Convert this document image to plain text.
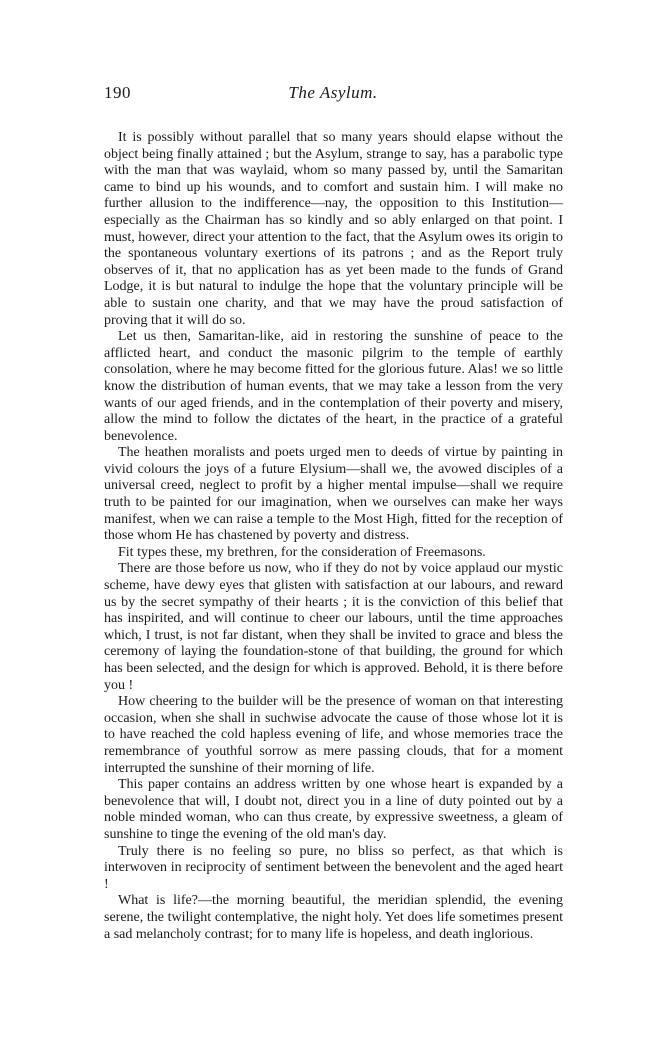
190	The Asylum.

It is possibly without parallel that so many years should elapse without the object being finally attained ; but the Asylum, strange to say, has a parabolic type with the man that was waylaid, whom so many passed by, until the Samaritan came to bind up his wounds, and to comfort and sustain him. I will make no further allusion to the indifference—nay, the opposition to this Institution—especially as the Chairman has so kindly and so ably enlarged on that point. I must, however, direct your attention to the fact, that the Asylum owes its origin to the spontaneous voluntary exertions of its patrons ; and as the Report truly observes of it, that no application has as yet been made to the funds of Grand Lodge, it is but natural to indulge the hope that the voluntary principle will be able to sustain one charity, and that we may have the proud satisfaction of proving that it will do so.

Let us then, Samaritan-like, aid in restoring the sunshine of peace to the afflicted heart, and conduct the masonic pilgrim to the temple of earthly consolation, where he may become fitted for the glorious future. Alas! we so little know the distribution of human events, that we may take a lesson from the very wants of our aged friends, and in the contemplation of their poverty and misery, allow the mind to follow the dictates of the heart, in the practice of a grateful benevolence.

The heathen moralists and poets urged men to deeds of virtue by painting in vivid colours the joys of a future Elysium—shall we, the avowed disciples of a universal creed, neglect to profit by a higher mental impulse—shall we require truth to be painted for our imagination, when we ourselves can make her ways manifest, when we can raise a temple to the Most High, fitted for the reception of those whom He has chastened by poverty and distress.

Fit types these, my brethren, for the consideration of Freemasons.

There are those before us now, who if they do not by voice applaud our mystic scheme, have dewy eyes that glisten with satisfaction at our labours, and reward us by the secret sympathy of their hearts ; it is the conviction of this belief that has inspirited, and will continue to cheer our labours, until the time approaches which, I trust, is not far distant, when they shall be invited to grace and bless the ceremony of laying the foundation-stone of that building, the ground for which has been selected, and the design for which is approved. Behold, it is there before you !

How cheering to the builder will be the presence of woman on that interesting occasion, when she shall in suchwise advocate the cause of those whose lot it is to have reached the cold hapless evening of life, and whose memories trace the remembrance of youthful sorrow as mere passing clouds, that for a moment interrupted the sunshine of their morning of life.

This paper contains an address written by one whose heart is expanded by a benevolence that will, I doubt not, direct you in a line of duty pointed out by a noble minded woman, who can thus create, by expressive sweetness, a gleam of sunshine to tinge the evening of the old man's day.

Truly there is no feeling so pure, no bliss so perfect, as that which is interwoven in reciprocity of sentiment between the benevolent and the aged heart !

What is life?—the morning beautiful, the meridian splendid, the evening serene, the twilight contemplative, the night holy. Yet does life sometimes present a sad melancholy contrast; for to many life is hopeless, and death inglorious.
